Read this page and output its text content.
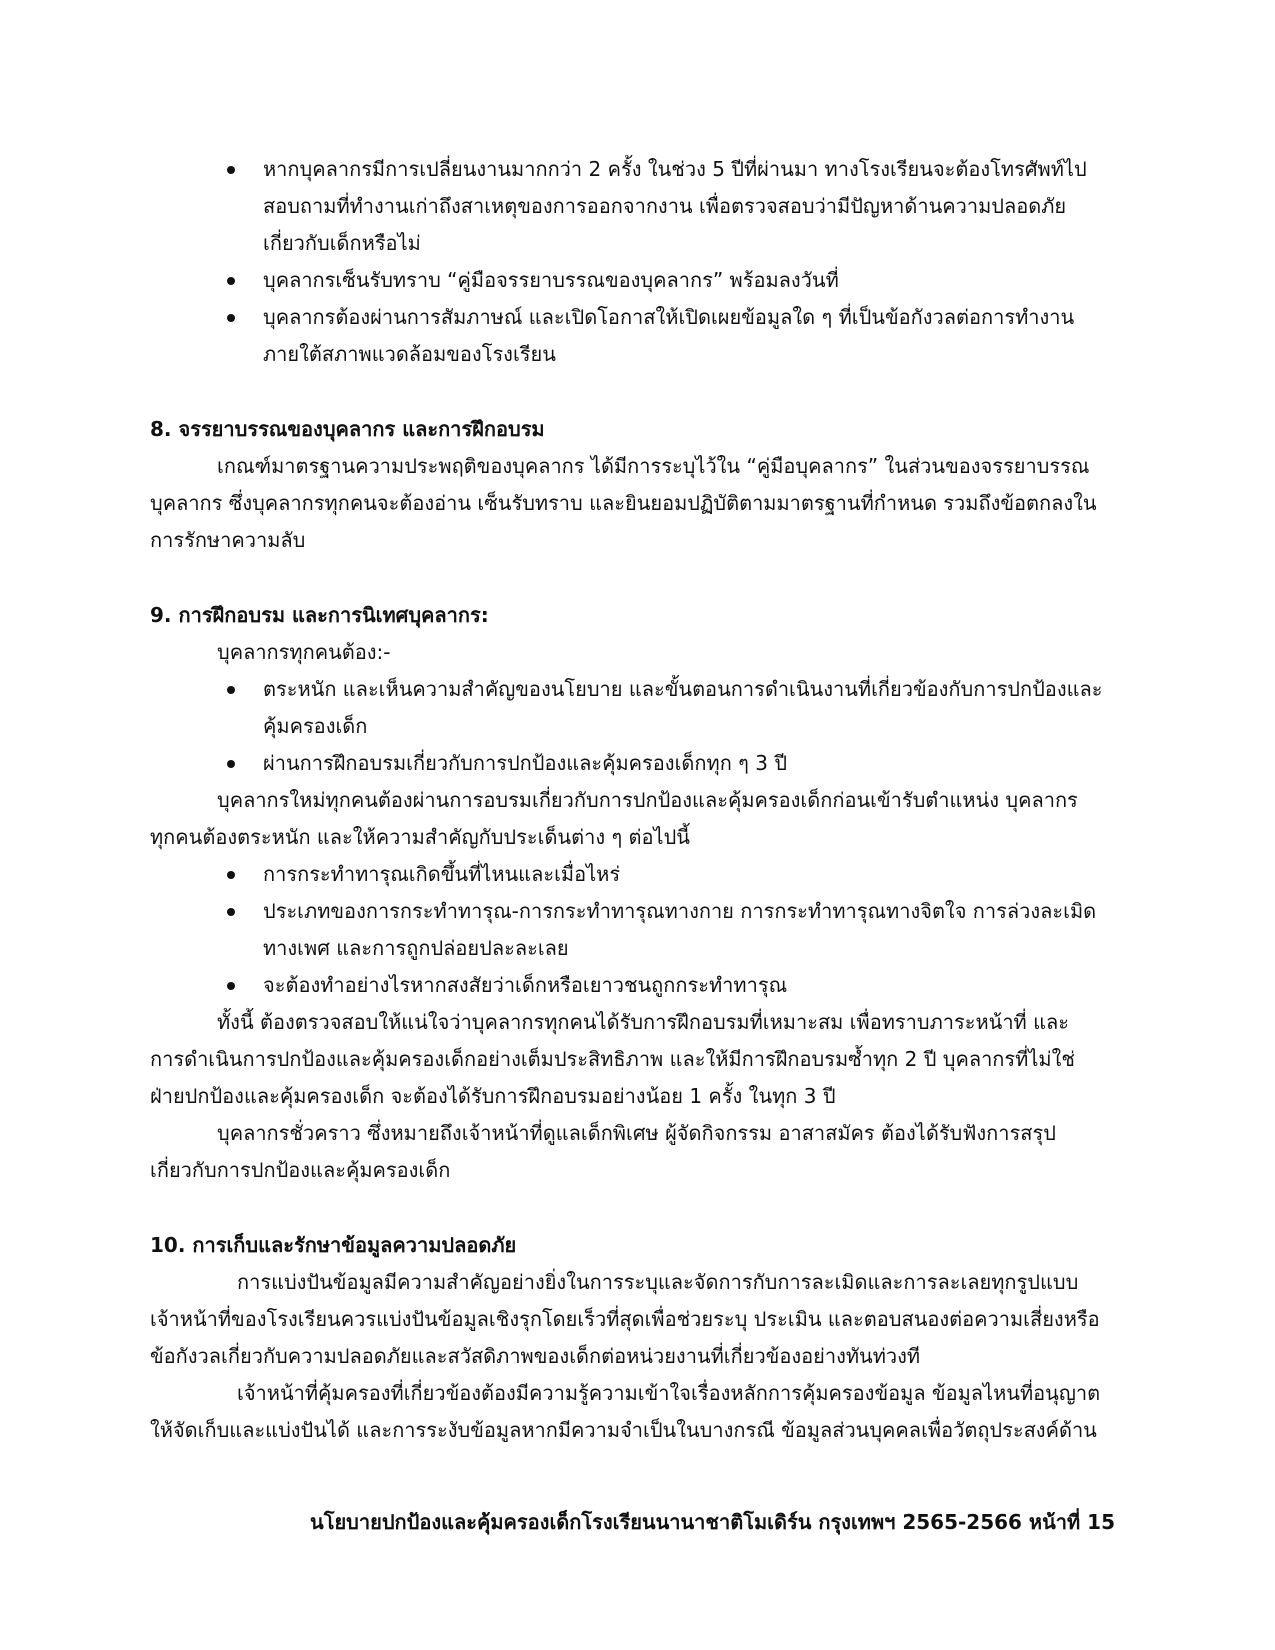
หากบุคลากรมีการเปลี่ยนงานมากกว่า 2 ครั้ง ในช่วง 5 ปีที่ผ่านมา ทางโรงเรียนจะต้องโทรศัพท์ไป
สอบถามที่ทำงานเก่าถึงสาเหตุของการออกจากงาน เพื่อตรวจสอบว่ามีปัญหาด้านความปลอดภัย
เกี่ยวกับเด็กหรือไม่
บุคลากรเซ็นรับทราบ “คู่มือจรรยาบรรณของบุคลากร” พร้อมลงวันที่
บุคลากรต้องผ่านการสัมภาษณ์ และเปิดโอกาสให้เปิดเผยข้อมูลใด ๆ ที่เป็นข้อกังวลต่อการทำงาน
ภายใต้สภาพแวดล้อมของโรงเรียน
8. จรรยาบรรณของบุคลากร และการฝึกอบรม
เกณฑ์มาตรฐานความประพฤติของบุคลากร ได้มีการระบุไว้ใน “คู่มือบุคลากร” ในส่วนของจรรยาบรรณ
บุคลากร ซึ่งบุคลากรทุกคนจะต้องอ่าน เซ็นรับทราบ และยินยอมปฏิบัติตามมาตรฐานที่กำหนด รวมถึงข้อตกลงใน
การรักษาความลับ
9. การฝึกอบรม และการนิเทศบุคลากร:
บุคลากรทุกคนต้อง:-
ตระหนัก และเห็นความสำคัญของนโยบาย และขั้นตอนการดำเนินงานที่เกี่ยวข้องกับการปกป้องและ
คุ้มครองเด็ก
ผ่านการฝึกอบรมเกี่ยวกับการปกป้องและคุ้มครองเด็กทุก ๆ 3 ปี
บุคลากรใหม่ทุกคนต้องผ่านการอบรมเกี่ยวกับการปกป้องและคุ้มครองเด็กก่อนเข้ารับตำแหน่ง บุคลากร
ทุกคนต้องตระหนัก และให้ความสำคัญกับประเด็นต่าง ๆ ต่อไปนี้
การกระทำทารุณเกิดขึ้นที่ไหนและเมื่อไหร่
ประเภทของการกระทำทารุณ-การกระทำทารุณทางกาย การกระทำทารุณทางจิตใจ การล่วงละเมิด
ทางเพศ และการถูกปล่อยปละละเลย
จะต้องทำอย่างไรหากสงสัยว่าเด็กหรือเยาวชนถูกกระทำทารุณ
ทั้งนี้ ต้องตรวจสอบให้แน่ใจว่าบุคลากรทุกคนได้รับการฝึกอบรมที่เหมาะสม เพื่อทราบภาระหน้าที่ และ
การดำเนินการปกป้องและคุ้มครองเด็กอย่างเต็มประสิทธิภาพ และให้มีการฝึกอบรมซ้ำทุก 2 ปี บุคลากรที่ไม่ใช่
ฝ่ายปกป้องและคุ้มครองเด็ก จะต้องได้รับการฝึกอบรมอย่างน้อย 1 ครั้ง ในทุก 3 ปี
บุคลากรชั่วคราว ซึ่งหมายถึงเจ้าหน้าที่ดูแลเด็กพิเศษ ผู้จัดกิจกรรม อาสาสมัคร ต้องได้รับฟังการสรุป
เกี่ยวกับการปกป้องและคุ้มครองเด็ก
10. การเก็บและรักษาข้อมูลความปลอดภัย
การแบ่งปันข้อมูลมีความสำคัญอย่างยิ่งในการระบุและจัดการกับการละเมิดและการละเลยทุกรูปแบบ
เจ้าหน้าที่ของโรงเรียนควรแบ่งปันข้อมูลเชิงรุกโดยเร็วที่สุดเพื่อช่วยระบุ ประเมิน และตอบสนองต่อความเสี่ยงหรือ
ข้อกังวลเกี่ยวกับความปลอดภัยและสวัสดิภาพของเด็กต่อหน่วยงานที่เกี่ยวข้องอย่างทันท่วงที
เจ้าหน้าที่คุ้มครองที่เกี่ยวข้องต้องมีความรู้ความเข้าใจเรื่องหลักการคุ้มครองข้อมูล ข้อมูลไหนที่อนุญาต
ให้จัดเก็บและแบ่งปันได้ และการระงับข้อมูลหากมีความจำเป็นในบางกรณี ข้อมูลส่วนบุคคลเพื่อวัตถุประสงค์ด้าน
นโยบายปกป้องและคุ้มครองเด็กโรงเรียนนานาชาติโมเดิร์น กรุงเทพฯ 2565-2566 หน้าที่ 15
